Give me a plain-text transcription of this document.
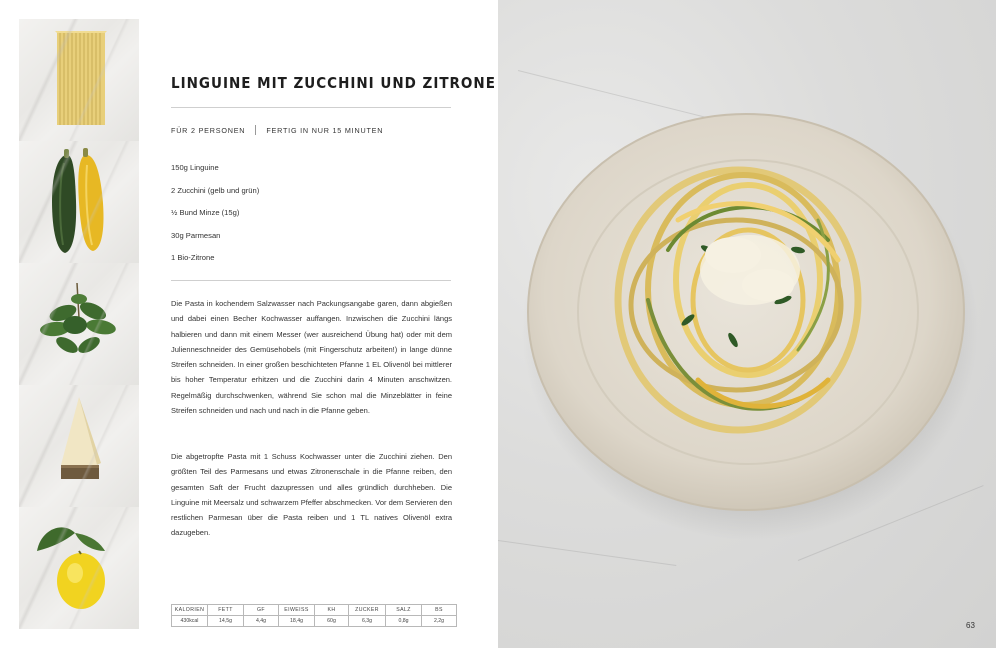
LINGUINE MIT ZUCCHINI UND ZITRONE
FÜR 2 PERSONEN	FERTIG IN NUR 15 MINUTEN
150g Linguine
2 Zucchini (gelb und grün)
½ Bund Minze (15g)
30g Parmesan
1 Bio-Zitrone

Die Pasta in kochendem Salzwasser nach Packungsangabe garen, dann abgießen und dabei einen Becher Kochwasser auffangen. Inzwischen die Zucchini längs halbieren und dann mit einem Messer (wer ausreichend Übung hat) oder mit dem Julienneschneider des Gemüsehobels (mit Fingerschutz arbeiten!) in lange dünne Streifen schneiden. In einer großen beschichteten Pfanne 1 EL Olivenöl bei mittlerer bis hoher Temperatur erhitzen und die Zucchini darin 4 Minuten anschwitzen. Regelmäßig durchschwenken, während Sie schon mal die Minzeblätter in feine Streifen schneiden und nach und nach in die Pfanne geben.

Die abgetropfte Pasta mit 1 Schuss Kochwasser unter die Zucchini ziehen. Den größten Teil des Parmesans und etwas Zitronenschale in die Pfanne reiben, den gesamten Saft der Frucht dazupressen und alles gründlich durchheben. Die Linguine mit Meersalz und schwarzem Pfeffer abschmecken. Vor dem Servieren den restlichen Parmesan über die Pasta reiben und 1 TL natives Olivenöl extra dazugeben.

KALORIEN	FETT	GF	EIWEISS	KH	ZUCKER	SALZ	BS
430kcal	14,5g	4,4g	18,4g	60g	6,3g	0,8g	2,2g	63
